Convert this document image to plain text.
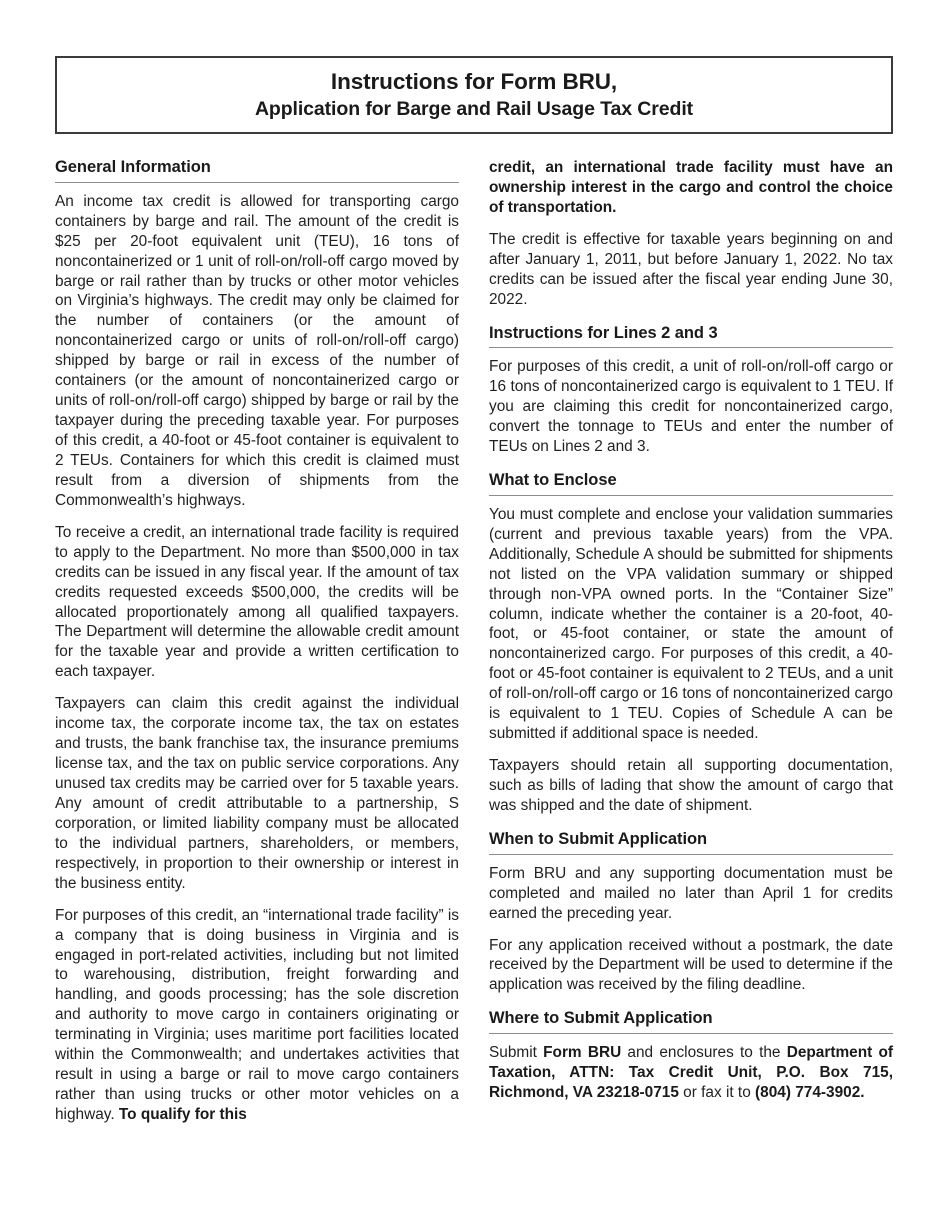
Instructions for Form BRU,
Application for Barge and Rail Usage Tax Credit
General Information

An income tax credit is allowed for transporting cargo containers by barge and rail. The amount of the credit is $25 per 20-foot equivalent unit (TEU), 16 tons of noncontainerized or 1 unit of roll-on/roll-off cargo moved by barge or rail rather than by trucks or other motor vehicles on Virginia’s highways. The credit may only be claimed for the number of containers (or the amount of noncontainerized cargo or units of roll-on/roll-off cargo) shipped by barge or rail in excess of the number of containers (or the amount of noncontainerized cargo or units of roll-on/roll-off cargo) shipped by barge or rail by the taxpayer during the preceding taxable year. For purposes of this credit, a 40-foot or 45-foot container is equivalent to 2 TEUs. Containers for which this credit is claimed must result from a diversion of shipments from the Commonwealth’s highways.

To receive a credit, an international trade facility is required to apply to the Department. No more than $500,000 in tax credits can be issued in any fiscal year. If the amount of tax credits requested exceeds $500,000, the credits will be allocated proportionately among all qualified taxpayers. The Department will determine the allowable credit amount for the taxable year and provide a written certification to each taxpayer.

Taxpayers can claim this credit against the individual income tax, the corporate income tax, the tax on estates and trusts, the bank franchise tax, the insurance premiums license tax, and the tax on public service corporations. Any unused tax credits may be carried over for 5 taxable years. Any amount of credit attributable to a partnership, S corporation, or limited liability company must be allocated to the individual partners, shareholders, or members, respectively, in proportion to their ownership or interest in the business entity.

For purposes of this credit, an “international trade facility” is a company that is doing business in Virginia and is engaged in port-related activities, including but not limited to warehousing, distribution, freight forwarding and handling, and goods processing; has the sole discretion and authority to move cargo in containers originating or terminating in Virginia; uses maritime port facilities located within the Commonwealth; and undertakes activities that result in using a barge or rail to move cargo containers rather than using trucks or other motor vehicles on a highway. To qualify for this

credit, an international trade facility must have an ownership interest in the cargo and control the choice of transportation.

The credit is effective for taxable years beginning on and after January 1, 2011, but before January 1, 2022. No tax credits can be issued after the fiscal year ending June 30, 2022.

Instructions for Lines 2 and 3

For purposes of this credit, a unit of roll-on/roll-off cargo or 16 tons of noncontainerized cargo is equivalent to 1 TEU. If you are claiming this credit for noncontainerized cargo, convert the tonnage to TEUs and enter the number of TEUs on Lines 2 and 3.

What to Enclose

You must complete and enclose your validation summaries (current and previous taxable years) from the VPA. Additionally, Schedule A should be submitted for shipments not listed on the VPA validation summary or shipped through non-VPA owned ports. In the “Container Size” column, indicate whether the container is a 20-foot, 40-foot, or 45-foot container, or state the amount of noncontainerized cargo. For purposes of this credit, a 40-foot or 45-foot container is equivalent to 2 TEUs, and a unit of roll-on/roll-off cargo or 16 tons of noncontainerized cargo is equivalent to 1 TEU. Copies of Schedule A can be submitted if additional space is needed.

Taxpayers should retain all supporting documentation, such as bills of lading that show the amount of cargo that was shipped and the date of shipment.

When to Submit Application

Form BRU and any supporting documentation must be completed and mailed no later than April 1 for credits earned the preceding year.

For any application received without a postmark, the date received by the Department will be used to determine if the application was received by the filing deadline.

Where to Submit Application

Submit Form BRU and enclosures to the Department of Taxation, ATTN: Tax Credit Unit, P.O. Box 715, Richmond, VA 23218-0715 or fax it to (804) 774-3902.
